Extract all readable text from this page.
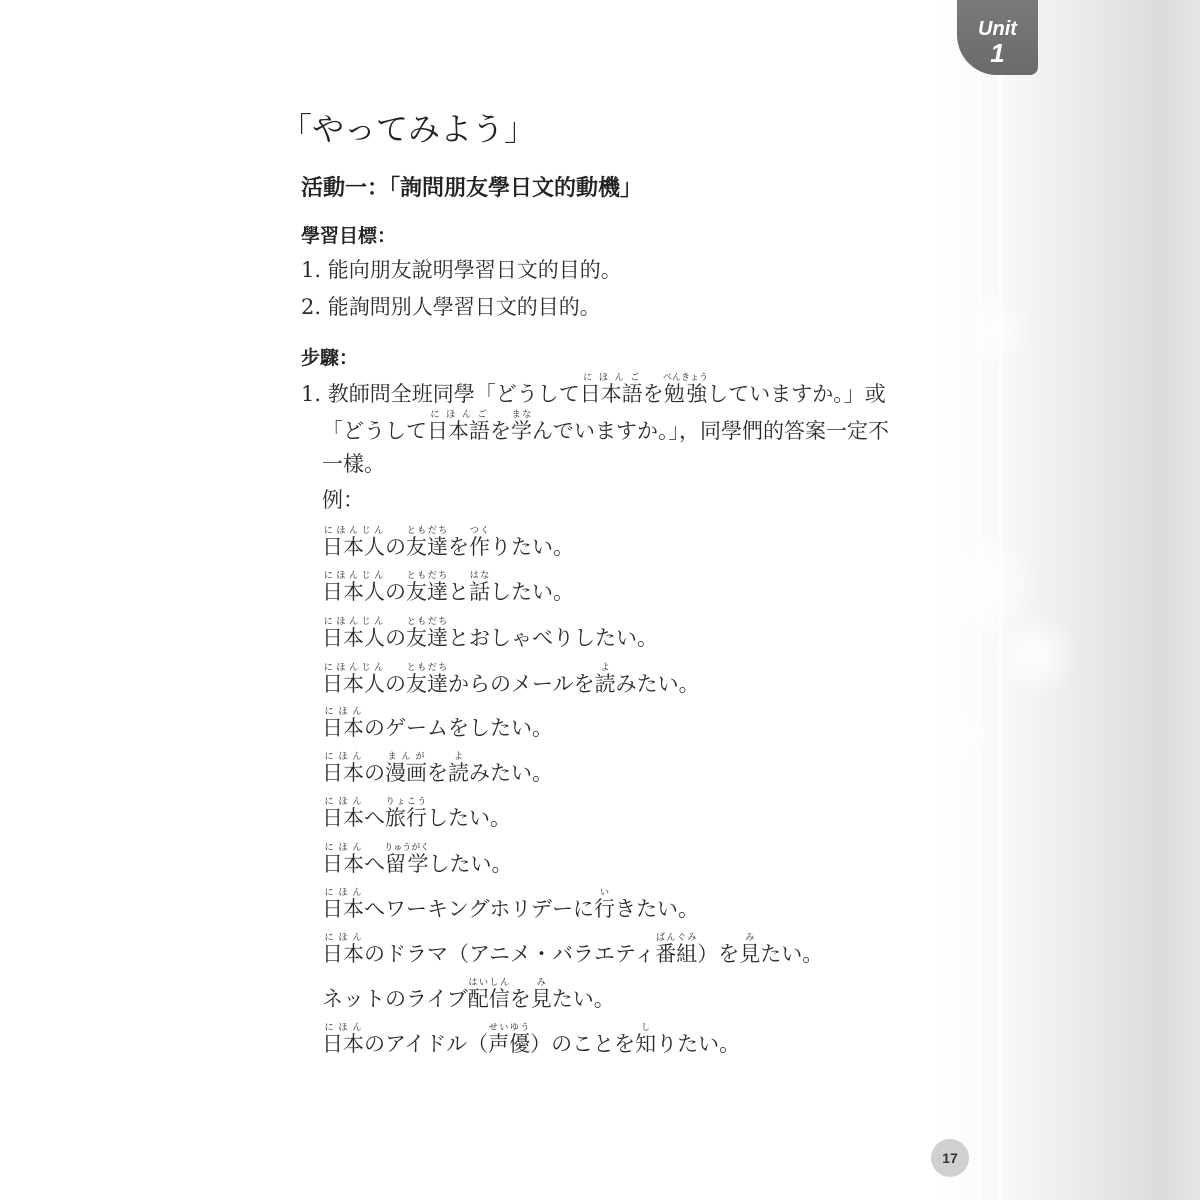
Unit
1
「やってみよう」
活動一：「詢問朋友學日文的動機」
學習目標：
1. 能向朋友說明學習日文的目的。
2. 能詢問別人學習日文的目的。
步驟：
1. 教師問全班同學「どうして日本語にほんごを勉強べんきょうしていますか。」或
「どうして日本語にほんごを学まなんでいますか。」，同學們的答案一定不
一樣。
例：
日本人にほんじんの友達ともだちを作つくりたい。
日本人にほんじんの友達ともだちと話はなしたい。
日本人にほんじんの友達ともだちとおしゃべりしたい。
日本人にほんじんの友達ともだちからのメールを読よみたい。
日本にほんのゲームをしたい。
日本にほんの漫画まんがを読よみたい。
日本にほんへ旅行りょこうしたい。
日本にほんへ留学りゅうがくしたい。
日本にほんへワーキングホリデーに行いきたい。
日本にほんのドラマ（アニメ・バラエティ番組ばんぐみ）を見みたい。
ネットのライブ配信はいしんを見みたい。
日本にほんのアイドル（声優せいゆう）のことを知しりたい。
17
